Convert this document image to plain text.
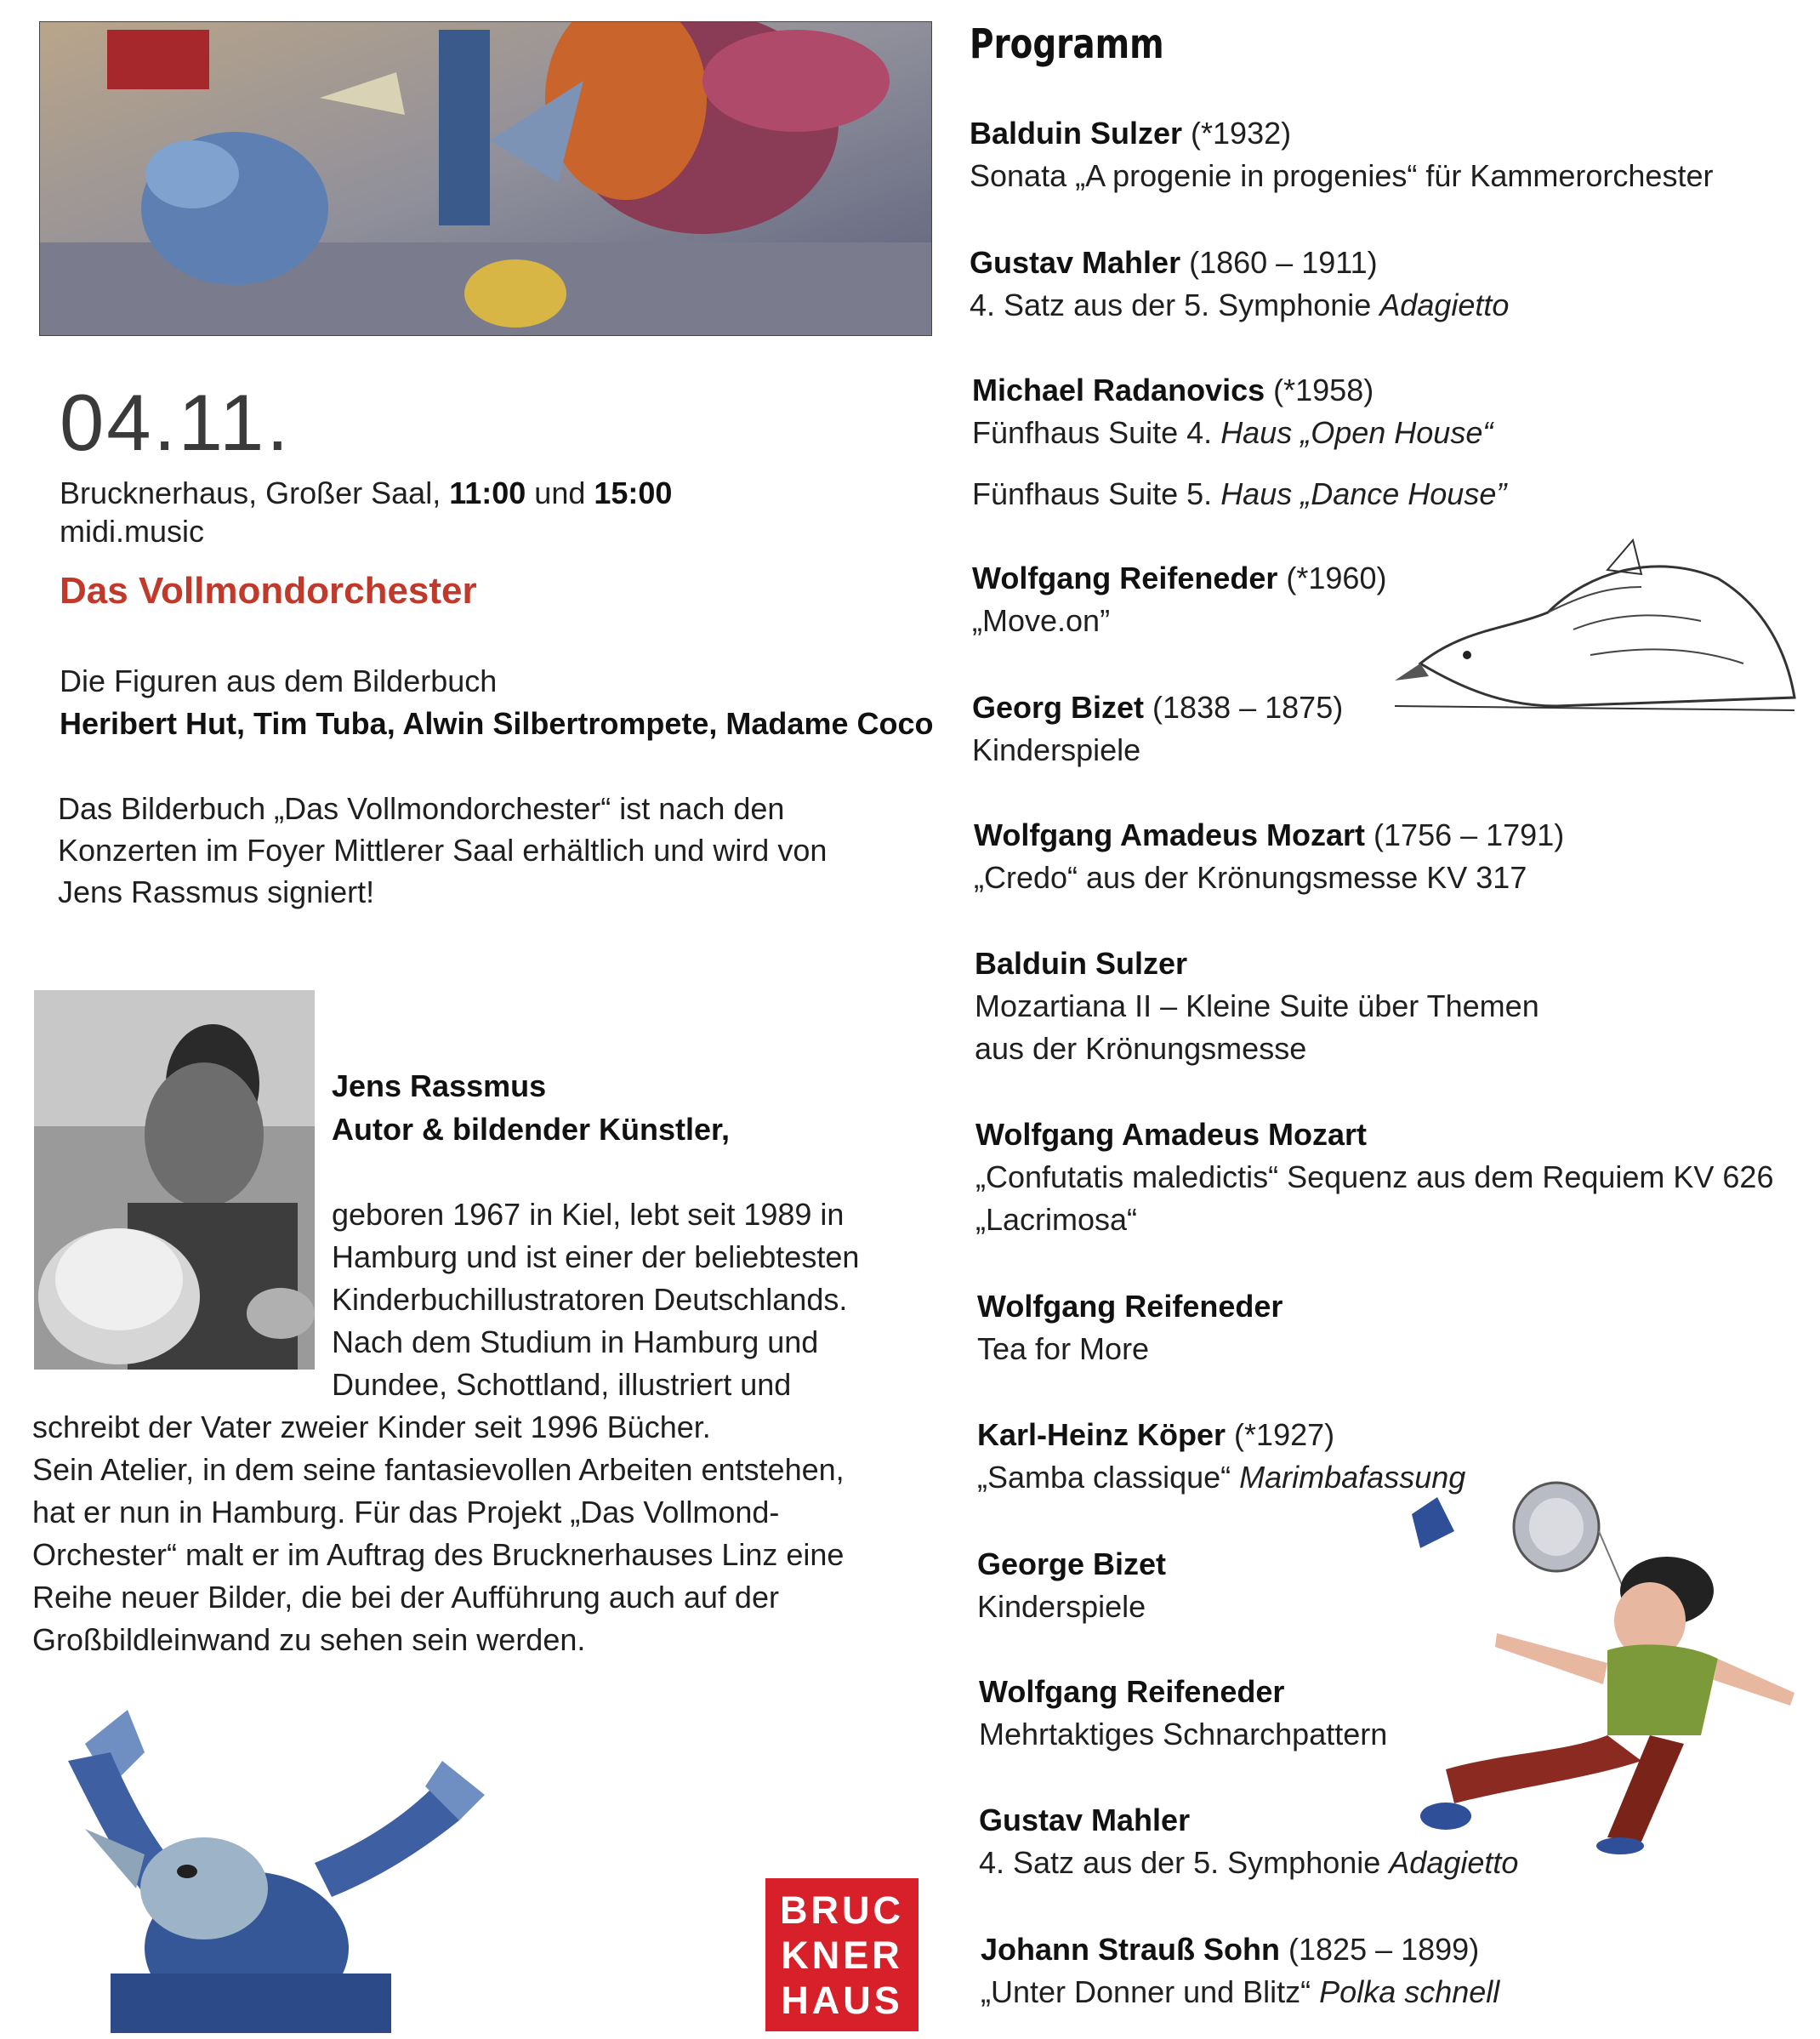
04.11.
Brucknerhaus, Großer Saal, 11:00 und 15:00
midi.music
Das Vollmondorchester
Die Figuren aus dem Bilderbuch
Heribert Hut, Tim Tuba, Alwin Silbertrompete, Madame Coco
Das Bilderbuch „Das Vollmondorchester“ ist nach den Konzerten im Foyer Mittlerer Saal erhältlich und wird von Jens Rassmus signiert!
Jens Rassmus
Autor & bildender Künstler,
geboren 1967 in Kiel, lebt seit 1989 in
Hamburg und ist einer der beliebtesten
Kinderbuchillustratoren Deutschlands.
Nach dem Studium in Hamburg und
Dundee, Schottland, illustriert und
schreibt der Vater zweier Kinder seit 1996 Bücher.
Sein Atelier, in dem seine fantasievollen Arbeiten entstehen,
hat er nun in Hamburg. Für das Projekt „Das Vollmond-
Orchester“ malt er im Auftrag des Brucknerhauses Linz eine
Reihe neuer Bilder, die bei der Aufführung auch auf der
Großbildleinwand zu sehen sein werden.
BRUC
KNER
HAUS
Programm
Balduin Sulzer (*1932)
Sonata „A progenie in progenies“ für Kammerorchester
Gustav Mahler (1860 – 1911)
4. Satz aus der 5. Symphonie Adagietto
Michael Radanovics (*1958)
Fünfhaus Suite 4. Haus „Open House“
Fünfhaus Suite 5. Haus „Dance House”
Wolfgang Reifeneder (*1960)
„Move.on”
Georg Bizet (1838 – 1875)
Kinderspiele
Wolfgang Amadeus Mozart (1756 – 1791)
„Credo“ aus der Krönungsmesse KV 317
Balduin Sulzer
Mozartiana II – Kleine Suite über Themen
aus der Krönungsmesse
Wolfgang Amadeus Mozart
„Confutatis maledictis“ Sequenz aus dem Requiem KV 626
„Lacrimosa“
Wolfgang Reifeneder
Tea for More
Karl-Heinz Köper (*1927)
„Samba classique“ Marimbafassung
George Bizet
Kinderspiele
Wolfgang Reifeneder
Mehrtaktiges Schnarchpattern
Gustav Mahler
4. Satz aus der 5. Symphonie Adagietto
Johann Strauß Sohn (1825 – 1899)
„Unter Donner und Blitz“ Polka schnell
